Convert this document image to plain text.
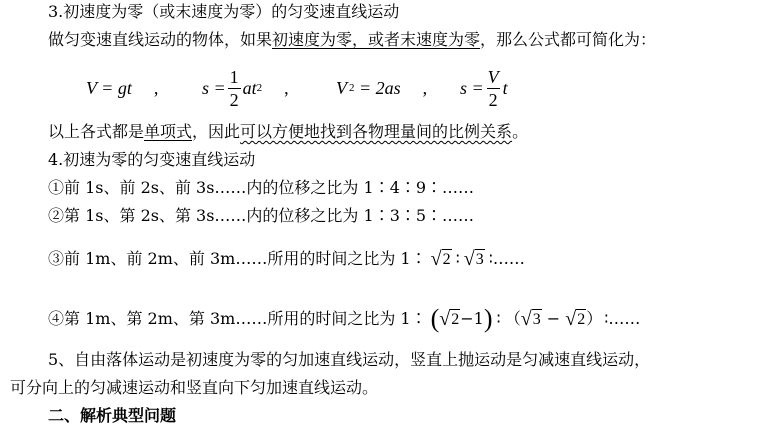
3.初速度为零（或末速度为零）的匀变速直线运动
做匀变速直线运动的物体，如果初速度为零，或者末速度为零，那么公式都可简化为：
V = gt , $s = \frac{1}{2}$ at 2 ,	V 2 = 2as , $s = \frac{V}{2}$ t
以上各式都是单项式，因此可以方便地找到各物理量间的比例关系。
4.初速为零的匀变速直线运动
①前 1s、前 2s、前 3s……内的位移之比为 1∶4∶9∶……
②第 1s、第 2s、第 3s……内的位移之比为 1∶3∶5∶……
③前 1m、前 2m、前 3m……所用的时间之比为 1∶ √ 2 ∶ √ 3 ∶……
④第 1m、第 2m、第 3m……所用的时间之比为 1∶ ( √ 2 −1 ) ∶ （ √ 3 − √ 2 ） ∶……
5、自由落体运动是初速度为零的匀加速直线运动，竖直上抛运动是匀减速直线运动，
可分向上的匀减速运动和竖直向下匀加速直线运动。
二、解析典型问题
